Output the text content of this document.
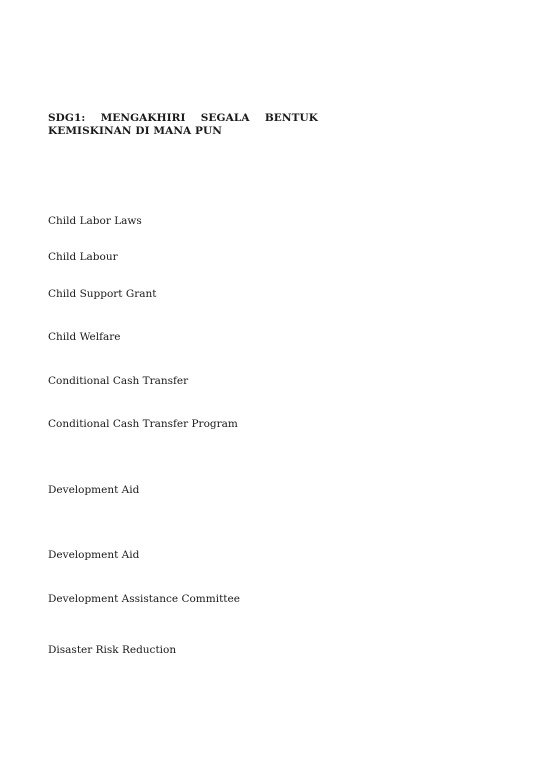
SDG1: MENGAKHIRI SEGALA BENTUK
KEMISKINAN DI MANA PUN

Child Labor Laws

Child Labour

Child Support Grant

Child Welfare

Conditional Cash Transfer

Conditional Cash Transfer Program

Development Aid

Development Aid

Development Assistance Committee

Disaster Risk Reduction
